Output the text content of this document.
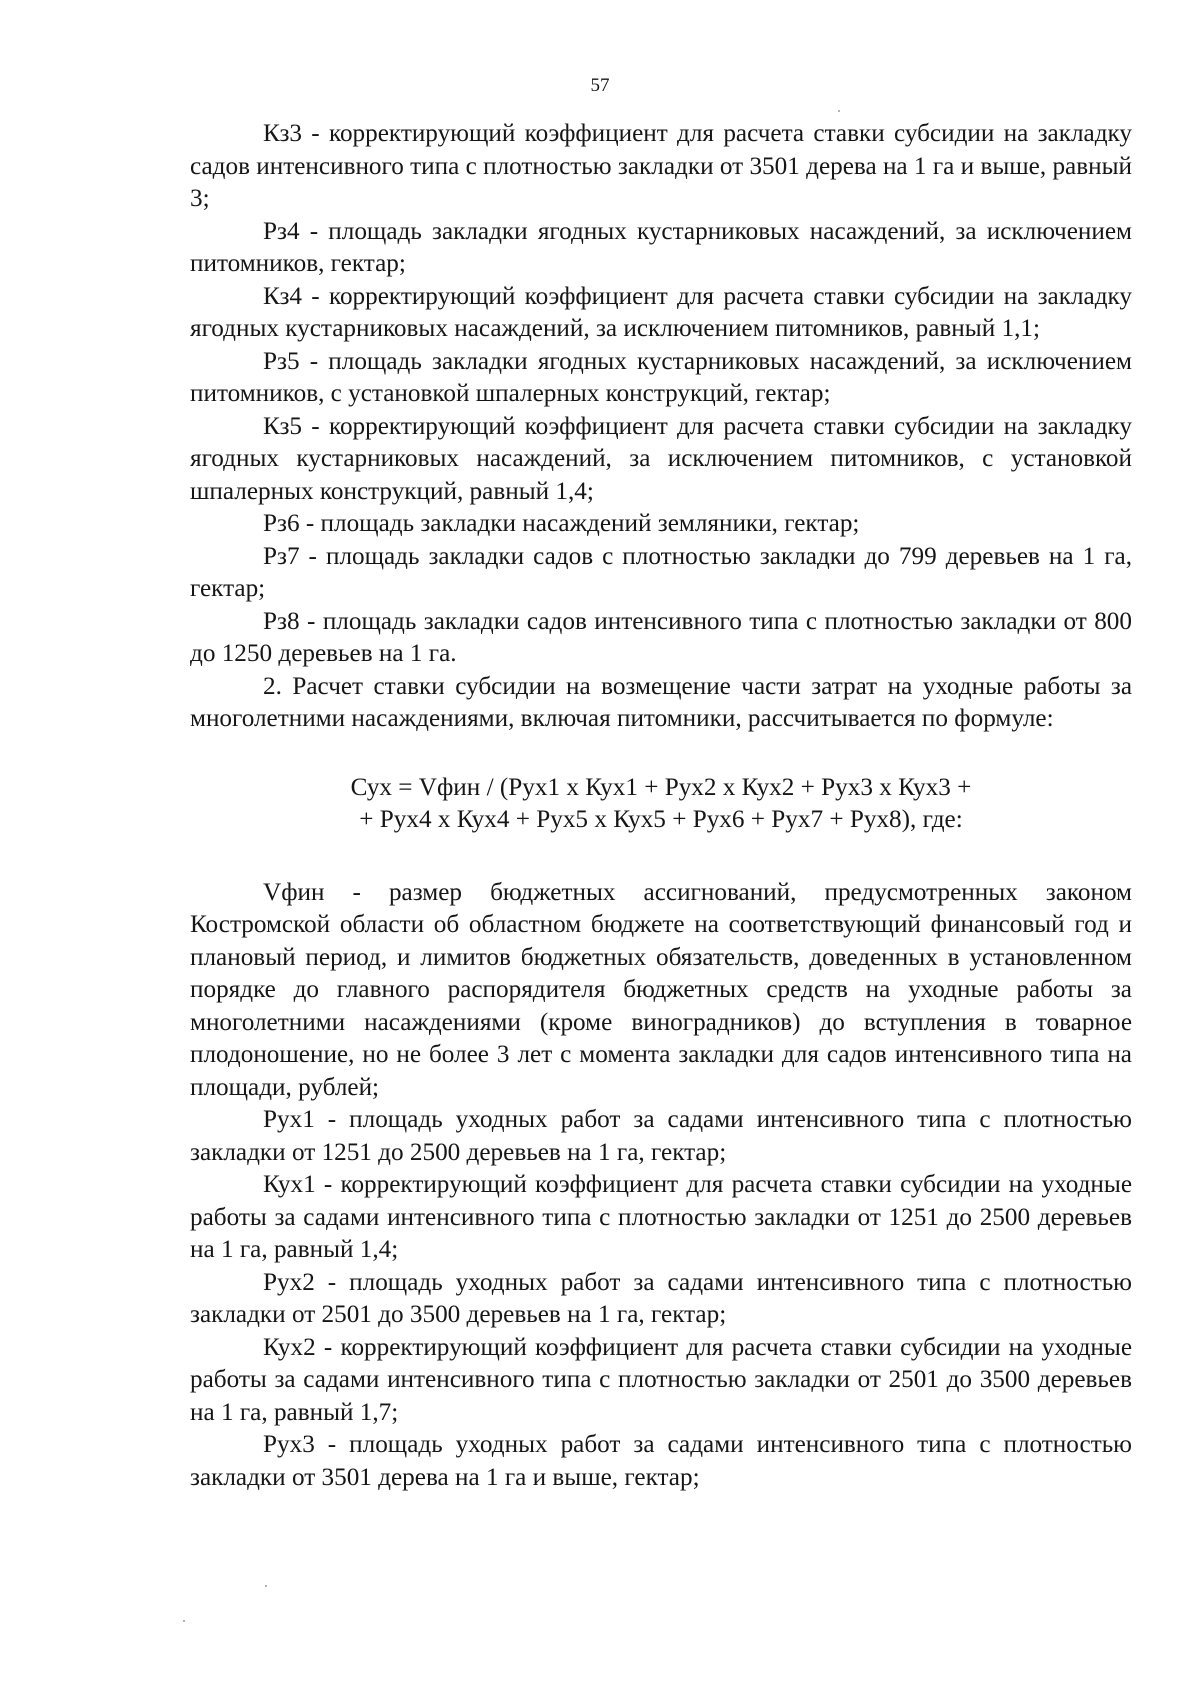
57

Кз3 - корректирующий коэффициент для расчета ставки субсидии на закладку садов интенсивного типа с плотностью закладки от 3501 дерева на 1 га и выше, равный 3;

Рз4 - площадь закладки ягодных кустарниковых насаждений, за исключением питомников, гектар;

Кз4 - корректирующий коэффициент для расчета ставки субсидии на закладку ягодных кустарниковых насаждений, за исключением питомников, равный 1,1;

Рз5 - площадь закладки ягодных кустарниковых насаждений, за исключением питомников, с установкой шпалерных конструкций, гектар;

Кз5 - корректирующий коэффициент для расчета ставки субсидии на закладку ягодных кустарниковых насаждений, за исключением питомников, с установкой шпалерных конструкций, равный 1,4;

Рз6 - площадь закладки насаждений земляники, гектар;

Рз7 - площадь закладки садов с плотностью закладки до 799 деревьев на 1 га, гектар;

Рз8 - площадь закладки садов интенсивного типа с плотностью закладки от 800 до 1250 деревьев на 1 га.

2. Расчет ставки субсидии на возмещение части затрат на уходные работы за многолетними насаждениями, включая питомники, рассчитывается по формуле:

Сух = Vфин / (Рух1 х Кух1 + Рух2 х Кух2 + Рух3 х Кух3 +
+ Рух4 х Кух4 + Рух5 х Кух5 + Рух6 + Рух7 + Рух8), где:

Vфин - размер бюджетных ассигнований, предусмотренных законом Костромской области об областном бюджете на соответствующий финансовый год и плановый период, и лимитов бюджетных обязательств, доведенных в установленном порядке до главного распорядителя бюджетных средств на уходные работы за многолетними насаждениями (кроме виноградников) до вступления в товарное плодоношение, но не более 3 лет с момента закладки для садов интенсивного типа на площади, рублей;

Рух1 - площадь уходных работ за садами интенсивного типа с плотностью закладки от 1251 до 2500 деревьев на 1 га, гектар;

Кух1 - корректирующий коэффициент для расчета ставки субсидии на уходные работы за садами интенсивного типа с плотностью закладки от 1251 до 2500 деревьев на 1 га, равный 1,4;

Рух2 - площадь уходных работ за садами интенсивного типа с плотностью закладки от 2501 до 3500 деревьев на 1 га, гектар;

Кух2 - корректирующий коэффициент для расчета ставки субсидии на уходные работы за садами интенсивного типа с плотностью закладки от 2501 до 3500 деревьев на 1 га, равный 1,7;

Рух3 - площадь уходных работ за садами интенсивного типа с плотностью закладки от 3501 дерева на 1 га и выше, гектар;
